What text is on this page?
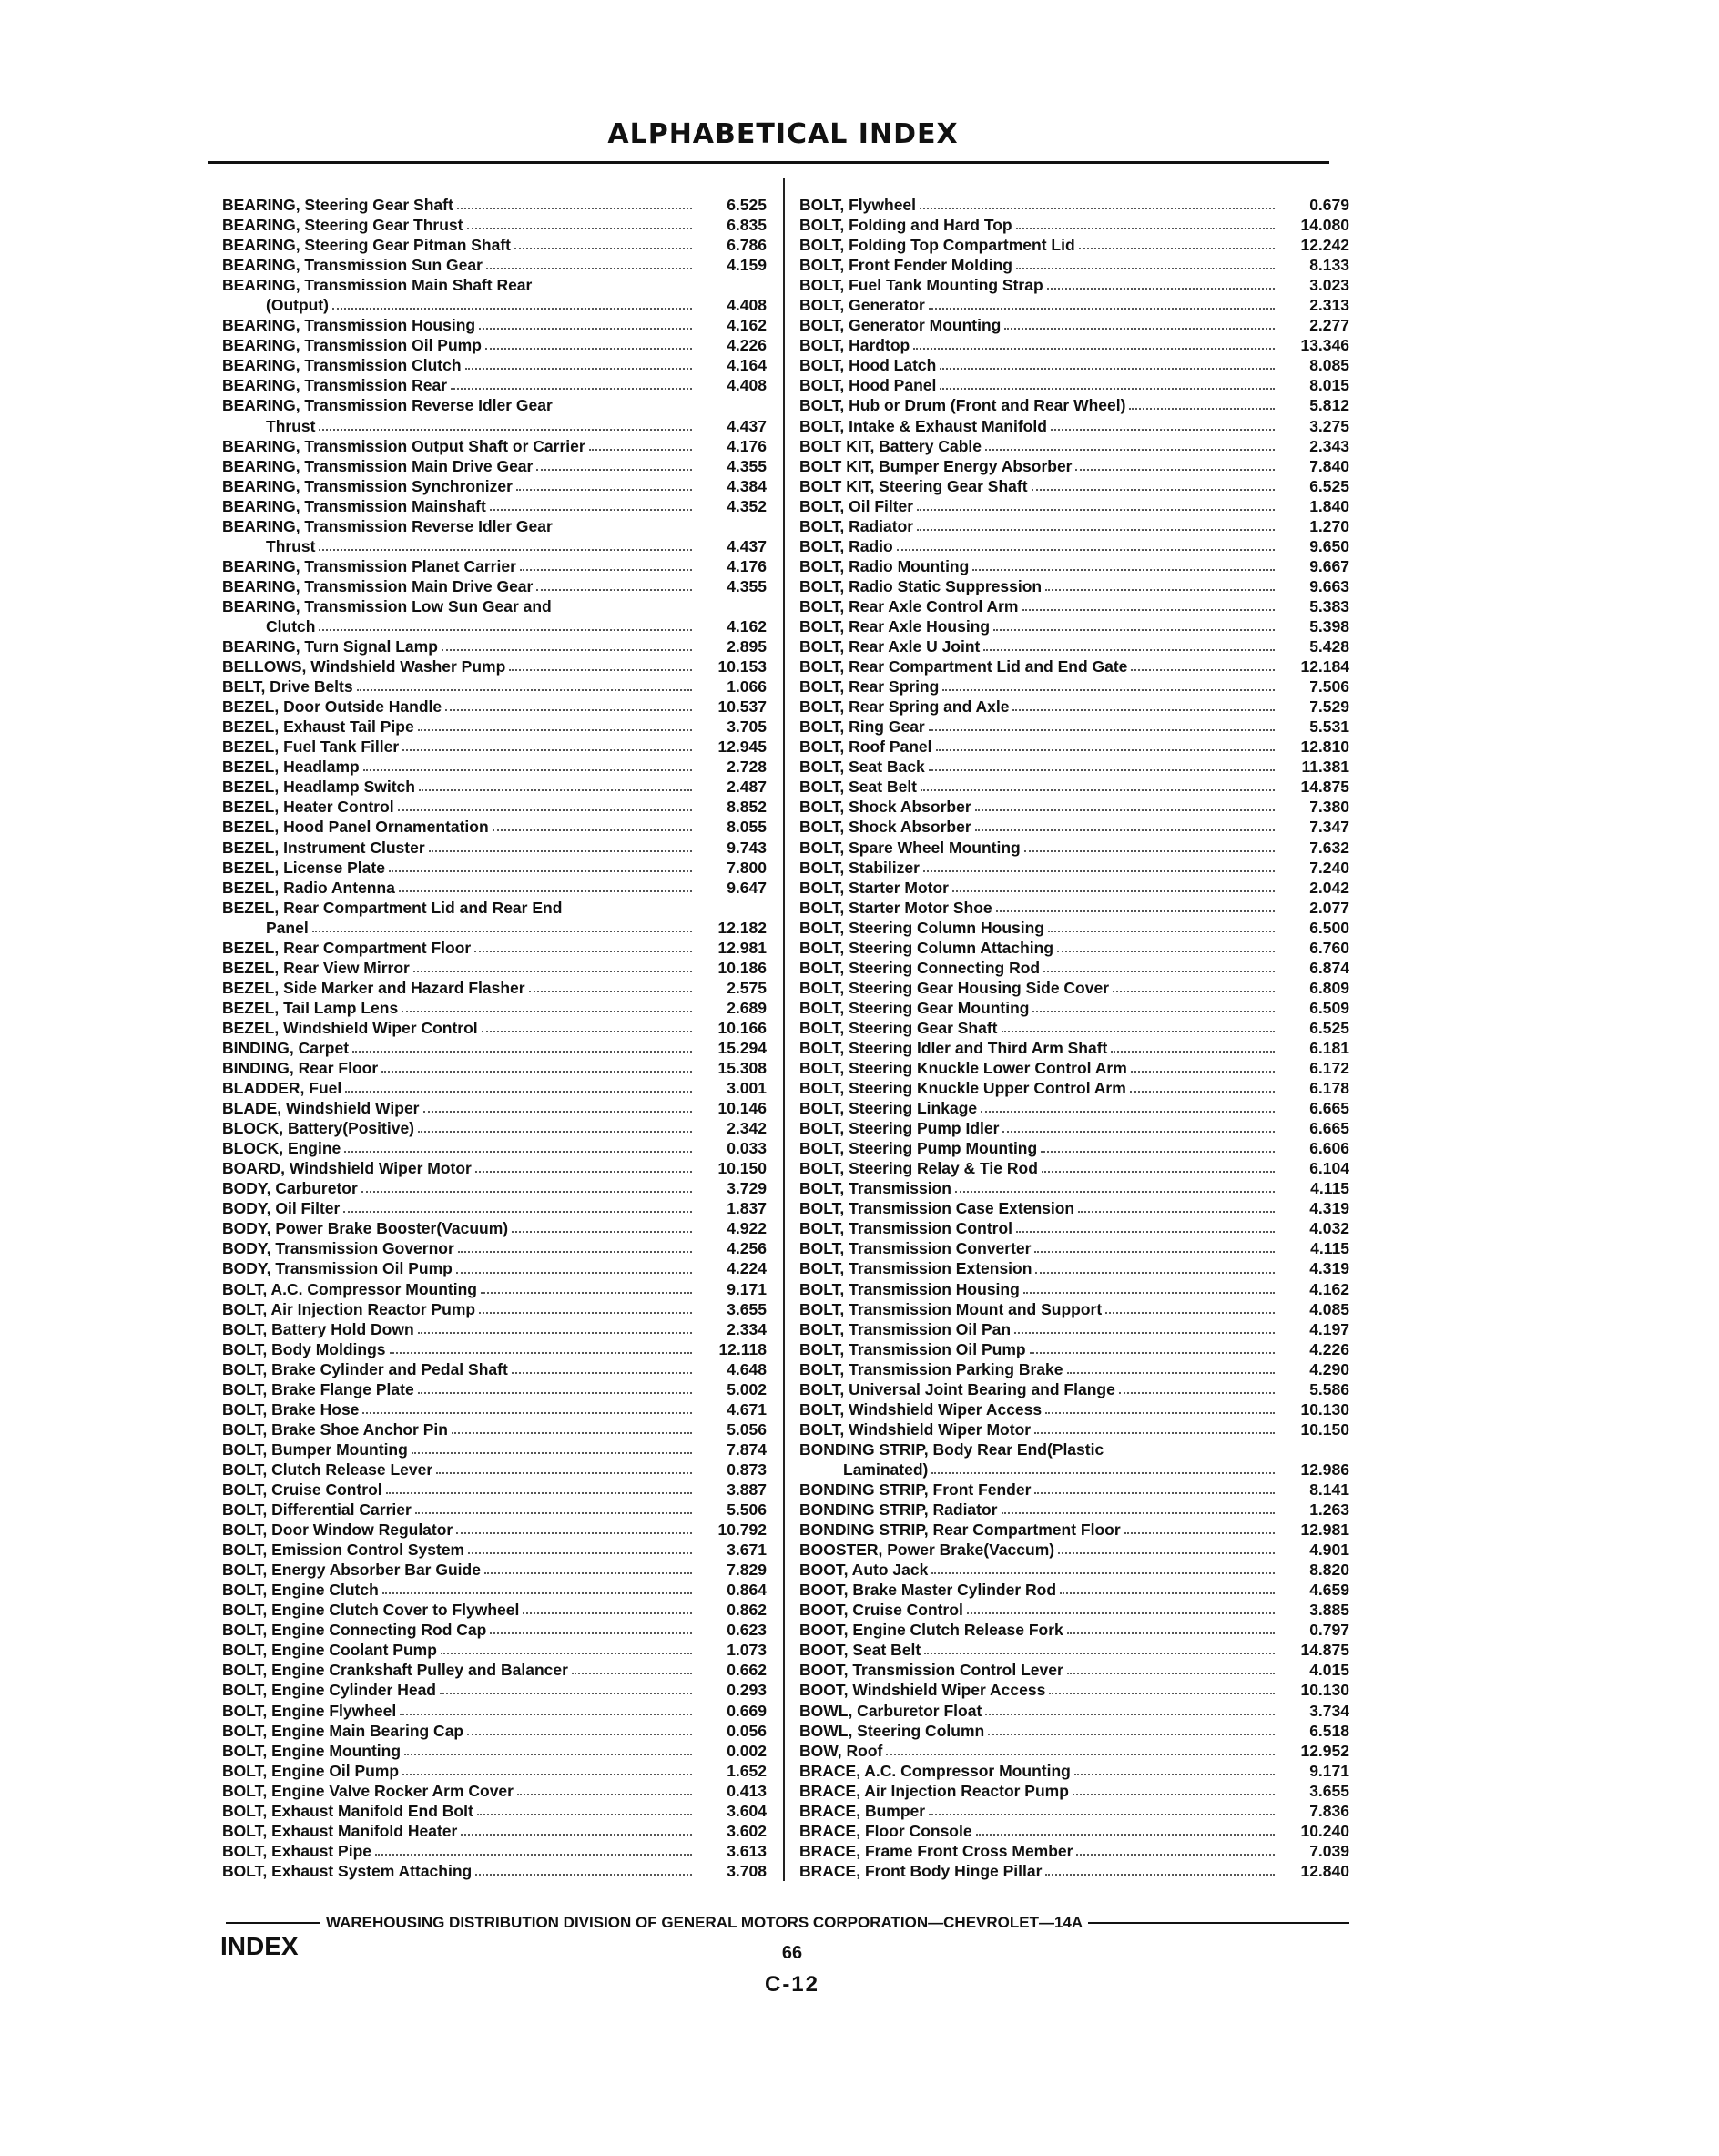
ALPHABETICAL INDEX
BEARING, Steering Gear Shaft	6.525
BEARING, Steering Gear Thrust	6.835
BEARING, Steering Gear Pitman Shaft	6.786
BEARING, Transmission Sun Gear	4.159
BEARING, Transmission Main Shaft Rear
(Output)	4.408
BEARING, Transmission Housing	4.162
BEARING, Transmission Oil Pump	4.226
BEARING, Transmission Clutch	4.164
BEARING, Transmission Rear	4.408
BEARING, Transmission Reverse Idler Gear
Thrust	4.437
BEARING, Transmission Output Shaft or Carrier	4.176
BEARING, Transmission Main Drive Gear	4.355
BEARING, Transmission Synchronizer	4.384
BEARING, Transmission Mainshaft	4.352
BEARING, Transmission Reverse Idler Gear
Thrust	4.437
BEARING, Transmission Planet Carrier	4.176
BEARING, Transmission Main Drive Gear	4.355
BEARING, Transmission Low Sun Gear and
Clutch	4.162
BEARING, Turn Signal Lamp	2.895
BELLOWS, Windshield Washer Pump	10.153
BELT, Drive Belts	1.066
BEZEL, Door Outside Handle	10.537
BEZEL, Exhaust Tail Pipe	3.705
BEZEL, Fuel Tank Filler	12.945
BEZEL, Headlamp	2.728
BEZEL, Headlamp Switch	2.487
BEZEL, Heater Control	8.852
BEZEL, Hood Panel Ornamentation	8.055
BEZEL, Instrument Cluster	9.743
BEZEL, License Plate	7.800
BEZEL, Radio Antenna	9.647
BEZEL, Rear Compartment Lid and Rear End
Panel	12.182
BEZEL, Rear Compartment Floor	12.981
BEZEL, Rear View Mirror	10.186
BEZEL, Side Marker and Hazard Flasher	2.575
BEZEL, Tail Lamp Lens	2.689
BEZEL, Windshield Wiper Control	10.166
BINDING, Carpet	15.294
BINDING, Rear Floor	15.308
BLADDER, Fuel	3.001
BLADE, Windshield Wiper	10.146
BLOCK, Battery(Positive)	2.342
BLOCK, Engine	0.033
BOARD, Windshield Wiper Motor	10.150
BODY, Carburetor	3.729
BODY, Oil Filter	1.837
BODY, Power Brake Booster(Vacuum)	4.922
BODY, Transmission Governor	4.256
BODY, Transmission Oil Pump	4.224
BOLT, A.C. Compressor Mounting	9.171
BOLT, Air Injection Reactor Pump	3.655
BOLT, Battery Hold Down	2.334
BOLT, Body Moldings	12.118
BOLT, Brake Cylinder and Pedal Shaft	4.648
BOLT, Brake Flange Plate	5.002
BOLT, Brake Hose	4.671
BOLT, Brake Shoe Anchor Pin	5.056
BOLT, Bumper Mounting	7.874
BOLT, Clutch Release Lever	0.873
BOLT, Cruise Control	3.887
BOLT, Differential Carrier	5.506
BOLT, Door Window Regulator	10.792
BOLT, Emission Control System	3.671
BOLT, Energy Absorber Bar Guide	7.829
BOLT, Engine Clutch	0.864
BOLT, Engine Clutch Cover to Flywheel	0.862
BOLT, Engine Connecting Rod Cap	0.623
BOLT, Engine Coolant Pump	1.073
BOLT, Engine Crankshaft Pulley and Balancer	0.662
BOLT, Engine Cylinder Head	0.293
BOLT, Engine Flywheel	0.669
BOLT, Engine Main Bearing Cap	0.056
BOLT, Engine Mounting	0.002
BOLT, Engine Oil Pump	1.652
BOLT, Engine Valve Rocker Arm Cover	0.413
BOLT, Exhaust Manifold End Bolt	3.604
BOLT, Exhaust Manifold Heater	3.602
BOLT, Exhaust Pipe	3.613
BOLT, Exhaust System Attaching	3.708
BOLT, Flywheel	0.679
BOLT, Folding and Hard Top	14.080
BOLT, Folding Top Compartment Lid	12.242
BOLT, Front Fender Molding	8.133
BOLT, Fuel Tank Mounting Strap	3.023
BOLT, Generator	2.313
BOLT, Generator Mounting	2.277
BOLT, Hardtop	13.346
BOLT, Hood Latch	8.085
BOLT, Hood Panel	8.015
BOLT, Hub or Drum (Front and Rear Wheel)	5.812
BOLT, Intake & Exhaust Manifold	3.275
BOLT KIT, Battery Cable	2.343
BOLT KIT, Bumper Energy Absorber	7.840
BOLT KIT, Steering Gear Shaft	6.525
BOLT, Oil Filter	1.840
BOLT, Radiator	1.270
BOLT, Radio	9.650
BOLT, Radio Mounting	9.667
BOLT, Radio Static Suppression	9.663
BOLT, Rear Axle Control Arm	5.383
BOLT, Rear Axle Housing	5.398
BOLT, Rear Axle U Joint	5.428
BOLT, Rear Compartment Lid and End Gate	12.184
BOLT, Rear Spring	7.506
BOLT, Rear Spring and Axle	7.529
BOLT, Ring Gear	5.531
BOLT, Roof Panel	12.810
BOLT, Seat Back	11.381
BOLT, Seat Belt	14.875
BOLT, Shock Absorber	7.380
BOLT, Shock Absorber	7.347
BOLT, Spare Wheel Mounting	7.632
BOLT, Stabilizer	7.240
BOLT, Starter Motor	2.042
BOLT, Starter Motor Shoe	2.077
BOLT, Steering Column Housing	6.500
BOLT, Steering Column Attaching	6.760
BOLT, Steering Connecting Rod	6.874
BOLT, Steering Gear Housing Side Cover	6.809
BOLT, Steering Gear Mounting	6.509
BOLT, Steering Gear Shaft	6.525
BOLT, Steering Idler and Third Arm Shaft	6.181
BOLT, Steering Knuckle Lower Control Arm	6.172
BOLT, Steering Knuckle Upper Control Arm	6.178
BOLT, Steering Linkage	6.665
BOLT, Steering Pump Idler	6.665
BOLT, Steering Pump Mounting	6.606
BOLT, Steering Relay & Tie Rod	6.104
BOLT, Transmission	4.115
BOLT, Transmission Case Extension	4.319
BOLT, Transmission Control	4.032
BOLT, Transmission Converter	4.115
BOLT, Transmission Extension	4.319
BOLT, Transmission Housing	4.162
BOLT, Transmission Mount and Support	4.085
BOLT, Transmission Oil Pan	4.197
BOLT, Transmission Oil Pump	4.226
BOLT, Transmission Parking Brake	4.290
BOLT, Universal Joint Bearing and Flange	5.586
BOLT, Windshield Wiper Access	10.130
BOLT, Windshield Wiper Motor	10.150
BONDING STRIP, Body Rear End(Plastic
Laminated)	12.986
BONDING STRIP, Front Fender	8.141
BONDING STRIP, Radiator	1.263
BONDING STRIP, Rear Compartment Floor	12.981
BOOSTER, Power Brake(Vaccum)	4.901
BOOT, Auto Jack	8.820
BOOT, Brake Master Cylinder Rod	4.659
BOOT, Cruise Control	3.885
BOOT, Engine Clutch Release Fork	0.797
BOOT, Seat Belt	14.875
BOOT, Transmission Control Lever	4.015
BOOT, Windshield Wiper Access	10.130
BOWL, Carburetor Float	3.734
BOWL, Steering Column	6.518
BOW, Roof	12.952
BRACE, A.C. Compressor Mounting	9.171
BRACE, Air Injection Reactor Pump	3.655
BRACE, Bumper	7.836
BRACE, Floor Console	10.240
BRACE, Frame Front Cross Member	7.039
BRACE, Front Body Hinge Pillar	12.840
WAREHOUSING DISTRIBUTION DIVISION OF GENERAL MOTORS CORPORATION—CHEVROLET—14A
INDEX	66
C-12
